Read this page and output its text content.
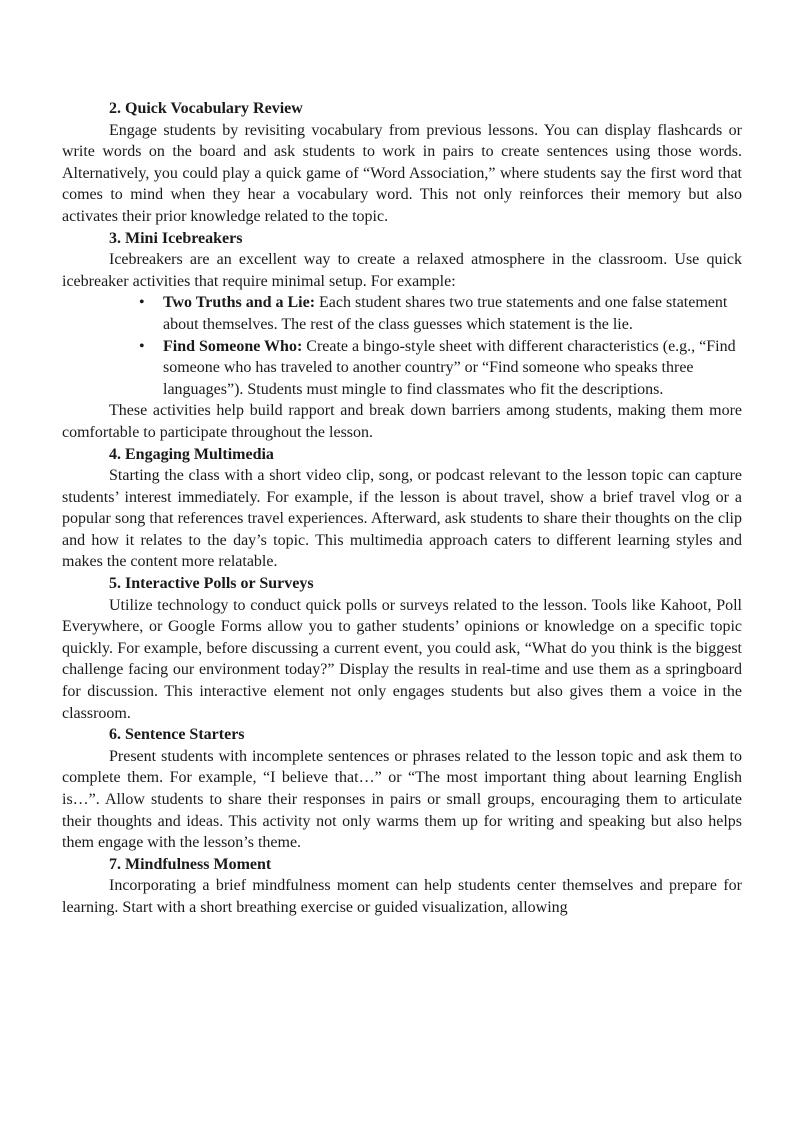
2. Quick Vocabulary Review

Engage students by revisiting vocabulary from previous lessons. You can display flashcards or write words on the board and ask students to work in pairs to create sentences using those words. Alternatively, you could play a quick game of “Word Association,” where students say the first word that comes to mind when they hear a vocabulary word. This not only reinforces their memory but also activates their prior knowledge related to the topic.

3. Mini Icebreakers

Icebreakers are an excellent way to create a relaxed atmosphere in the classroom. Use quick icebreaker activities that require minimal setup. For example:

• Two Truths and a Lie: Each student shares two true statements and one false statement about themselves. The rest of the class guesses which statement is the lie.
• Find Someone Who: Create a bingo-style sheet with different characteristics (e.g., “Find someone who has traveled to another country” or “Find someone who speaks three languages”). Students must mingle to find classmates who fit the descriptions.

These activities help build rapport and break down barriers among students, making them more comfortable to participate throughout the lesson.

4. Engaging Multimedia

Starting the class with a short video clip, song, or podcast relevant to the lesson topic can capture students’ interest immediately. For example, if the lesson is about travel, show a brief travel vlog or a popular song that references travel experiences. Afterward, ask students to share their thoughts on the clip and how it relates to the day’s topic. This multimedia approach caters to different learning styles and makes the content more relatable.

5. Interactive Polls or Surveys

Utilize technology to conduct quick polls or surveys related to the lesson. Tools like Kahoot, Poll Everywhere, or Google Forms allow you to gather students’ opinions or knowledge on a specific topic quickly. For example, before discussing a current event, you could ask, “What do you think is the biggest challenge facing our environment today?” Display the results in real-time and use them as a springboard for discussion. This interactive element not only engages students but also gives them a voice in the classroom.

6. Sentence Starters

Present students with incomplete sentences or phrases related to the lesson topic and ask them to complete them. For example, “I believe that…” or “The most important thing about learning English is…”. Allow students to share their responses in pairs or small groups, encouraging them to articulate their thoughts and ideas. This activity not only warms them up for writing and speaking but also helps them engage with the lesson’s theme.

7. Mindfulness Moment

Incorporating a brief mindfulness moment can help students center themselves and prepare for learning. Start with a short breathing exercise or guided visualization, allowing
